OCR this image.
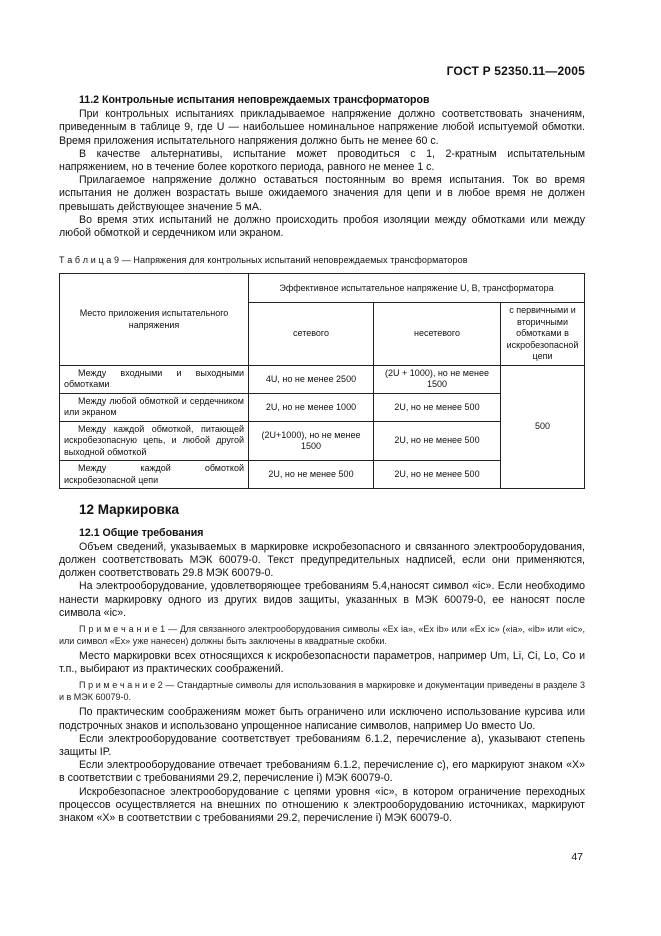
ГОСТ Р 52350.11—2005
11.2 Контрольные испытания неповреждаемых трансформаторов

При контрольных испытаниях прикладываемое напряжение должно соответствовать значениям, приведенным в таблице 9, где U — наибольшее номинальное напряжение любой испытуемой обмотки. Время приложения испытательного напряжения должно быть не менее 60 с.

В качестве альтернативы, испытание может проводиться с 1, 2-кратным испытательным напряжением, но в течение более короткого периода, равного не менее 1 с.

Прилагаемое напряжение должно оставаться постоянным во время испытания. Ток во время испытания не должен возрастать выше ожидаемого значения для цепи и в любое время не должен превышать действующее значение 5 мА.

Во время этих испытаний не должно происходить пробоя изоляции между обмотками или между любой обмоткой и сердечником или экраном.

Т а б л и ц а 9 — Напряжения для контрольных испытаний неповреждаемых трансформаторов

Место приложения испытательного напряжения	Эффективное испытательное напряжение U, В, трансформатора		
	сетевого	несетевого	с первичными и вторичными обмотками в искробезопасной цепи
Между входными и выходными обмотками	4U, но не менее 2500	(2U + 1000), но не менее 1500	500
Между любой обмоткой и сердечником или экраном	2U, но не менее 1000	2U, но не менее 500	
Между каждой обмоткой, питающей искробезопасную цепь, и любой другой выходной обмоткой	(2U+1000), но не менее 1500	2U, но не менее 500	
Между каждой обмоткой искробезопасной цепи	2U, но не менее 500	2U, но не менее 500	
12 Маркировка
12.1 Общие требования

Объем сведений, указываемых в маркировке искробезопасного и связанного электрооборудования, должен соответствовать МЭК 60079-0. Текст предупредительных надписей, если они применяются, должен соответствовать 29.8 МЭК 60079-0.

На электрооборудование, удовлетворяющее требованиям 5.4,наносят символ «ic». Если необходимо нанести маркировку одного из других видов защиты, указанных в МЭК 60079-0, ее наносят после символа «ic».

П р и м е ч а н и е 1 — Для связанного электрооборудования символы «Ex ia», «Ex ib» или «Ex ic» («ia», «ib» или «ic», или символ «Ex» уже нанесен) должны быть заключены в квадратные скобки.

Место маркировки всех относящихся к искробезопасности параметров, например Um, Li, Ci, Lo, Co и т.п., выбирают из практических соображений.

П р и м е ч а н и е 2 — Стандартные символы для использования в маркировке и документации приведены в разделе 3 и в МЭК 60079-0.

По практическим соображениям может быть ограничено или исключено использование курсива или подстрочных знаков и использовано упрощенное написание символов, например Uo вместо Uo.

Если электрооборудование соответствует требованиям 6.1.2, перечисление a), указывают степень защиты IP.

Если электрооборудование отвечает требованиям 6.1.2, перечисление c), его маркируют знаком «X» в соответствии с требованиями 29.2, перечисление i) МЭК 60079-0.

Искробезопасное электрооборудование с цепями уровня «ic», в котором ограничение переходных процессов осуществляется на внешних по отношению к электрооборудованию источниках, маркируют знаком «X» в соответствии с требованиями 29.2, перечисление i) МЭК 60079-0.

47
